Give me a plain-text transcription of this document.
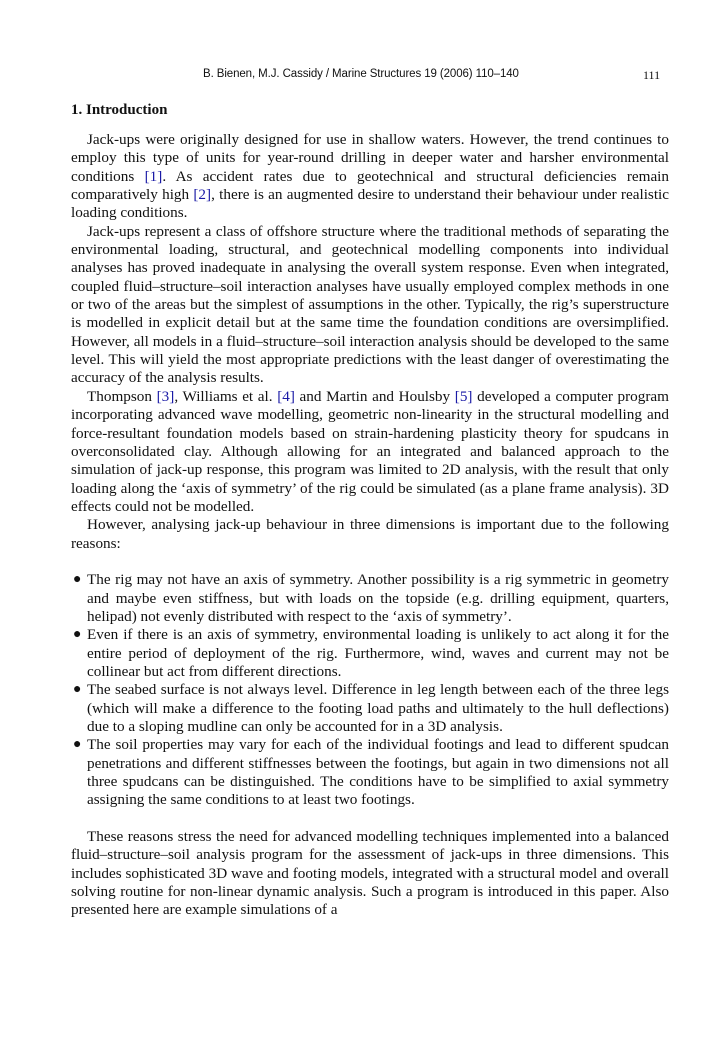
B. Bienen, M.J. Cassidy / Marine Structures 19 (2006) 110–140	111
1. Introduction

Jack-ups were originally designed for use in shallow waters. However, the trend continues to employ this type of units for year-round drilling in deeper water and harsher environmental conditions [1]. As accident rates due to geotechnical and structural deficiencies remain comparatively high [2], there is an augmented desire to understand their behaviour under realistic loading conditions.

Jack-ups represent a class of offshore structure where the traditional methods of separating the environmental loading, structural, and geotechnical modelling components into individual analyses has proved inadequate in analysing the overall system response. Even when integrated, coupled fluid–structure–soil interaction analyses have usually employed complex methods in one or two of the areas but the simplest of assumptions in the other. Typically, the rig’s superstructure is modelled in explicit detail but at the same time the foundation conditions are oversimplified. However, all models in a fluid–structure–soil interaction analysis should be developed to the same level. This will yield the most appropriate predictions with the least danger of overestimating the accuracy of the analysis results.

Thompson [3], Williams et al. [4] and Martin and Houlsby [5] developed a computer program incorporating advanced wave modelling, geometric non-linearity in the structural modelling and force-resultant foundation models based on strain-hardening plasticity theory for spudcans in overconsolidated clay. Although allowing for an integrated and balanced approach to the simulation of jack-up response, this program was limited to 2D analysis, with the result that only loading along the ‘axis of symmetry’ of the rig could be simulated (as a plane frame analysis). 3D effects could not be modelled.

However, analysing jack-up behaviour in three dimensions is important due to the following reasons:

● The rig may not have an axis of symmetry. Another possibility is a rig symmetric in geometry and maybe even stiffness, but with loads on the topside (e.g. drilling equipment, quarters, helipad) not evenly distributed with respect to the ‘axis of symmetry’.
● Even if there is an axis of symmetry, environmental loading is unlikely to act along it for the entire period of deployment of the rig. Furthermore, wind, waves and current may not be collinear but act from different directions.
● The seabed surface is not always level. Difference in leg length between each of the three legs (which will make a difference to the footing load paths and ultimately to the hull deflections) due to a sloping mudline can only be accounted for in a 3D analysis.
● The soil properties may vary for each of the individual footings and lead to different spudcan penetrations and different stiffnesses between the footings, but again in two dimensions not all three spudcans can be distinguished. The conditions have to be simplified to axial symmetry assigning the same conditions to at least two footings.

These reasons stress the need for advanced modelling techniques implemented into a balanced fluid–structure–soil analysis program for the assessment of jack-ups in three dimensions. This includes sophisticated 3D wave and footing models, integrated with a structural model and overall solving routine for non-linear dynamic analysis. Such a program is introduced in this paper. Also presented here are example simulations of a
